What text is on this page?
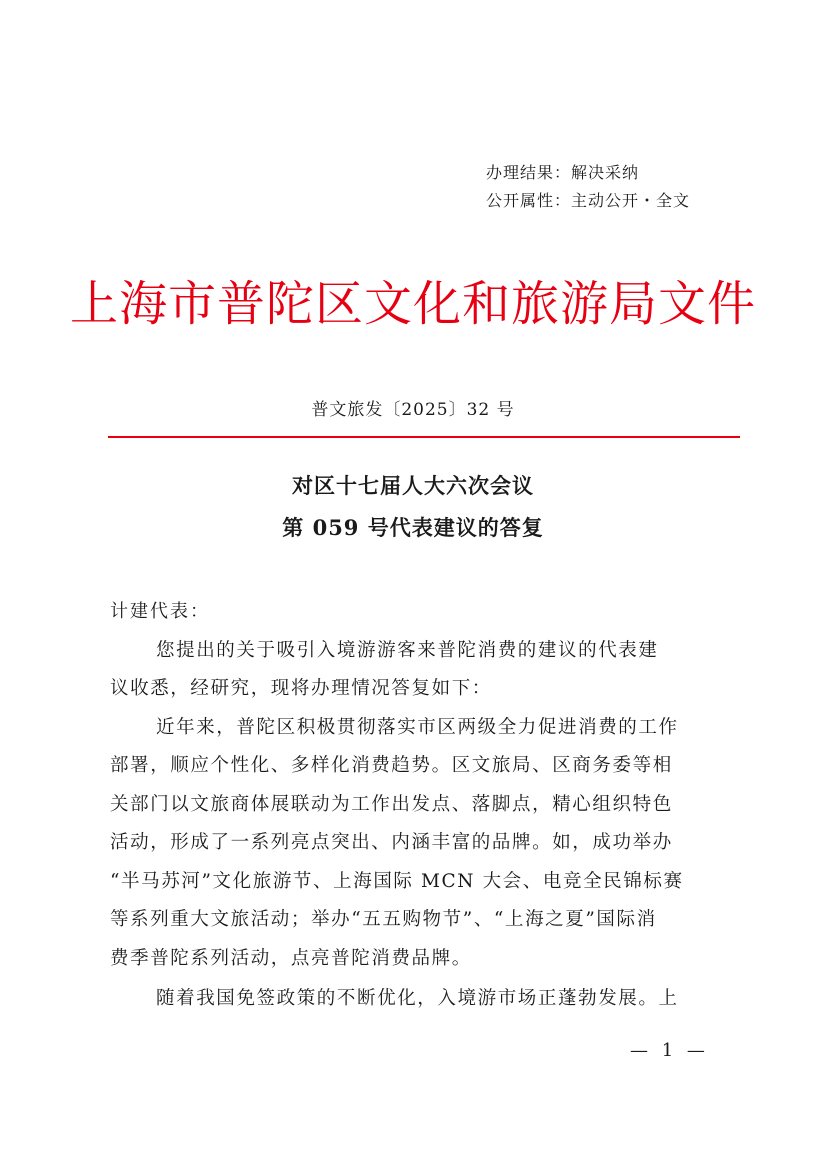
办理结果：解决采纳
公开属性：主动公开・全文
上海市普陀区文化和旅游局文件
普文旅发〔2025〕32 号
对区十七届人大六次会议
第 059 号代表建议的答复
计建代表：
您提出的关于吸引入境游游客来普陀消费的建议的代表建
议收悉，经研究，现将办理情况答复如下：
近年来，普陀区积极贯彻落实市区两级全力促进消费的工作
部署，顺应个性化、多样化消费趋势。区文旅局、区商务委等相
关部门以文旅商体展联动为工作出发点、落脚点，精心组织特色
活动，形成了一系列亮点突出、内涵丰富的品牌。如，成功举办
“半马苏河”文化旅游节、上海国际 MCN 大会、电竞全民锦标赛
等系列重大文旅活动；举办“五五购物节”、“上海之夏”国际消
费季普陀系列活动，点亮普陀消费品牌。
随着我国免签政策的不断优化，入境游市场正蓬勃发展。上
— 1 —
